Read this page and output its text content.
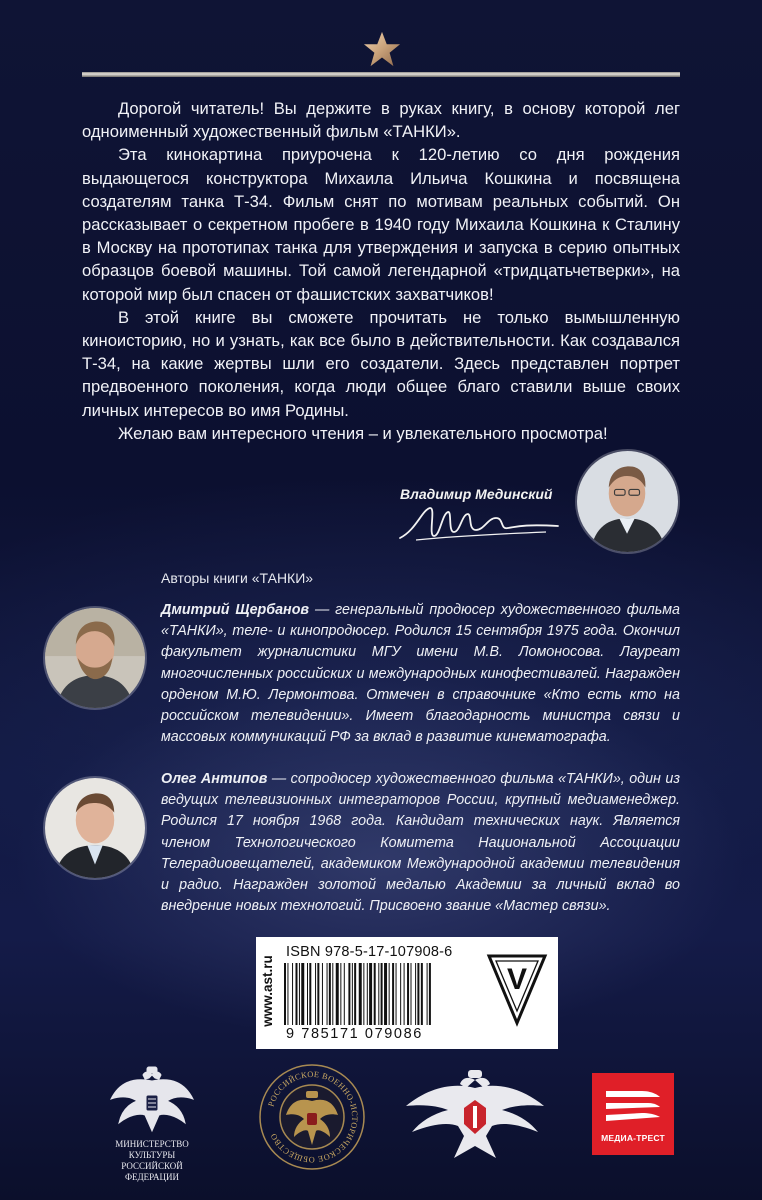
Дорогой читатель! Вы держите в руках книгу, в основу которой лег одноименный художественный фильм «ТАНКИ».

Эта кинокартина приурочена к 120-летию со дня рождения выдающегося конструктора Михаила Ильича Кошкина и посвящена создателям танка Т-34. Фильм снят по мотивам реальных событий. Он рассказывает о секретном пробеге в 1940 году Михаила Кошкина к Сталину в Москву на прототипах танка для утверждения и запуска в серию опытных образцов боевой машины. Той самой легендарной «тридцатьчетверки», на которой мир был спасен от фашистских захватчиков!

В этой книге вы сможете прочитать не только вымышленную киноисторию, но и узнать, как все было в действительности. Как создавался Т-34, на какие жертвы шли его создатели. Здесь представлен портрет предвоенного поколения, когда люди общее благо ставили выше своих личных интересов во имя Родины.

Желаю вам интересного чтения – и увлекательного просмотра!

Владимир Мединский
Авторы книги «ТАНКИ»
Дмитрий Щербанов — генеральный продюсер художественного фильма «ТАНКИ», теле- и кинопродюсер. Родился 15 сентября 1975 года. Окончил факультет журналистики МГУ имени М.В. Ломоносова. Лауреат многочисленных российских и международных кинофестивалей. Награжден орденом М.Ю. Лермонтова. Отмечен в справочнике «Кто есть кто на российском телевидении». Имеет благодарность министра связи и массовых коммуникаций РФ за вклад в развитие кинематографа.
Олег Антипов — сопродюсер художественного фильма «ТАНКИ», один из ведущих телевизионных интеграторов России, крупный медиаменеджер. Родился 17 ноября 1968 года. Кандидат технических наук. Является членом Технологического Комитета Национальной Ассоциации Телерадиовещателей, академиком Международной академии телевидения и радио. Награжден золотой медалью Академии за личный вклад во внедрение новых технологий. Присвоено звание «Мастер связи».
www.ast.ru
ISBN 978-5-17-107908-6
9 785171 079086
V
МИНИСТЕРСТВО КУЛЬТУРЫ
РОССИЙСКОЙ ФЕДЕРАЦИИ
РОССИЙСКОЕ ВОЕННО-ИСТОРИЧЕСКОЕ ОБЩЕСТВО	МЕДИА-ТРЕСТ
